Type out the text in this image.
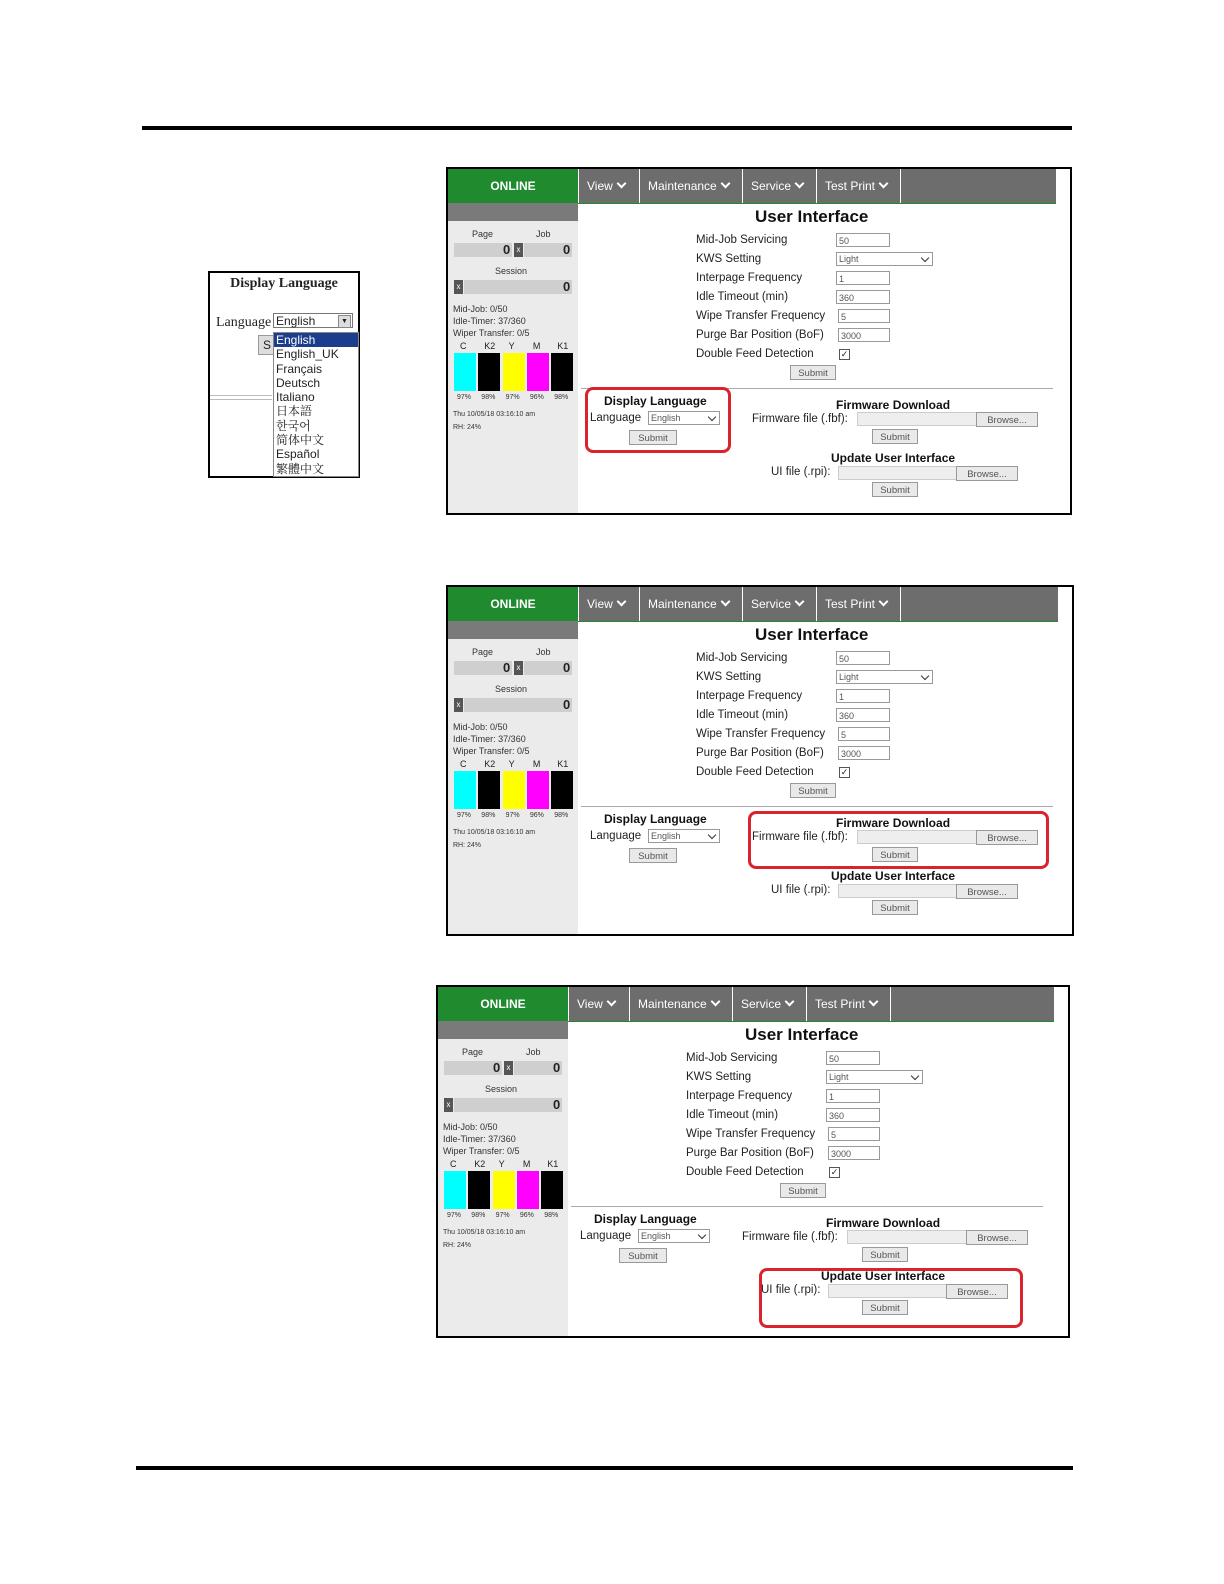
Display Language
Language English	▼
S English
English_UK
Français
Deutsch
Italiano
日本語
한국어
简体中文
Español
繁體中文
ONLINE	View	Maintenance	Service	Test Print
Page	Job
0 x	0
Session
x	0
Mid-Job: 0/50
Idle-Timer: 37/360
Wiper Transfer: 0/5
C
97%
K2
98%
Y
97%
M
96%
K1
98%
Thu 10/05/18 03:16:10 am
RH: 24%
User Interface
Mid-Job Servicing	50
KWS Setting	Light
Interpage Frequency	1
Idle Timeout (min)	360
Wipe Transfer Frequency	5
Purge Bar Position (BoF)	3000
Double Feed Detection	✓
Submit
Display Language
Language	English
Submit
Firmware Download
Firmware file (.fbf):	Browse...
Submit
Update User Interface
UI file (.rpi):	Browse...
Submit
ONLINE	View	Maintenance	Service	Test Print
Page	Job
0 x	0
Session
x	0
Mid-Job: 0/50
Idle-Timer: 37/360
Wiper Transfer: 0/5
C
97%
K2
98%
Y
97%
M
96%
K1
98%
Thu 10/05/18 03:16:10 am
RH: 24%
User Interface
Mid-Job Servicing	50
KWS Setting	Light
Interpage Frequency	1
Idle Timeout (min)	360
Wipe Transfer Frequency	5
Purge Bar Position (BoF)	3000
Double Feed Detection	✓
Submit
Display Language
Language	English
Submit
Firmware Download
Firmware file (.fbf):	Browse...
Submit
Update User Interface
UI file (.rpi):	Browse...
Submit
ONLINE	View	Maintenance	Service	Test Print
Page	Job
0 x	0
Session
x	0
Mid-Job: 0/50
Idle-Timer: 37/360
Wiper Transfer: 0/5
C
97%
K2
98%
Y
97%
M
96%
K1
98%
Thu 10/05/18 03:16:10 am
RH: 24%
User Interface
Mid-Job Servicing	50
KWS Setting	Light
Interpage Frequency	1
Idle Timeout (min)	360
Wipe Transfer Frequency	5
Purge Bar Position (BoF)	3000
Double Feed Detection	✓
Submit
Display Language
Language	English
Submit
Firmware Download
Firmware file (.fbf):	Browse...
Submit
Update User Interface
UI file (.rpi):	Browse...
Submit
